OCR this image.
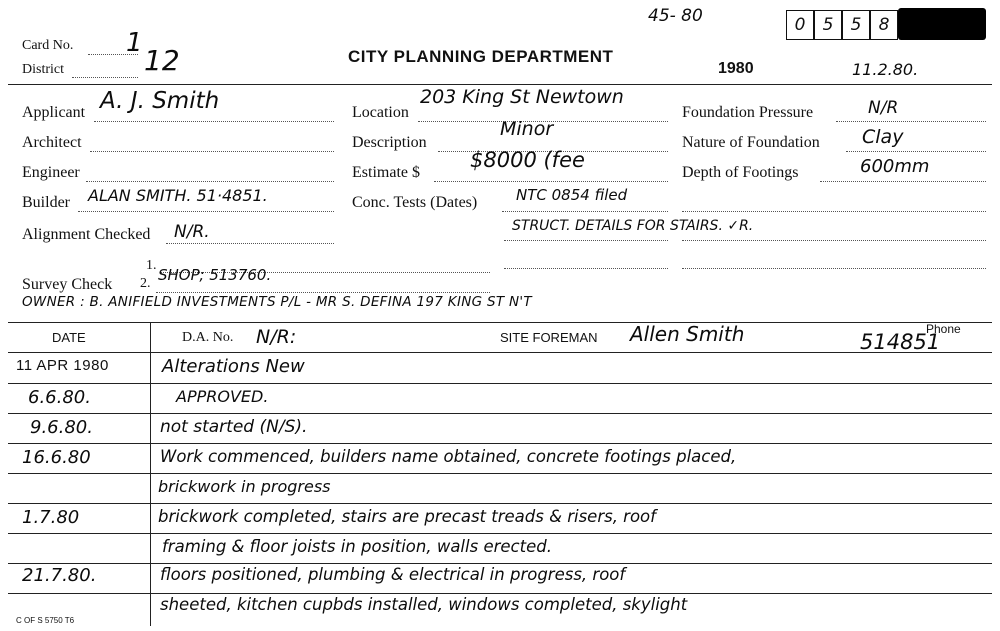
45- 80	0 5 5 8
Card No. 1
District	12	CITY PLANNING DEPARTMENT
1980	11.2.80.
Applicant A. J. Smith
Architect
Engineer
Builder ALAN SMITH. 51·4851.
Alignment Checked N/R.
Location
203 King St Newtown
Description
Minor
Estimate $
$8000 (fee
Conc. Tests (Dates)	NTC 0854 filed
STRUCT. DETAILS FOR STAIRS. ✓R.
Foundation Pressure	N/R
Nature of Foundation Clay
Depth of Footings	600mm
1.
Survey Check 2. SHOP; 513760.
OWNER : B. ANIFIELD INVESTMENTS P/L - MR S. DEFINA 197 KING ST N'T
DATE	D.A. No. N/R:	SITE FOREMAN Allen Smith	Phone
514851
11 APR 1980	Alterations New
6.6.80.	APPROVED.
9.6.80.	not started (N/S).
16.6.80	Work commenced, builders name obtained, concrete footings placed,
brickwork in progress
1.7.80	brickwork completed, stairs are precast treads & risers, roof
framing & floor joists in position, walls erected.
21.7.80.	floors positioned, plumbing & electrical in progress, roof
sheeted, kitchen cupbds installed, windows completed, skylight
C OF S 5750 T6
